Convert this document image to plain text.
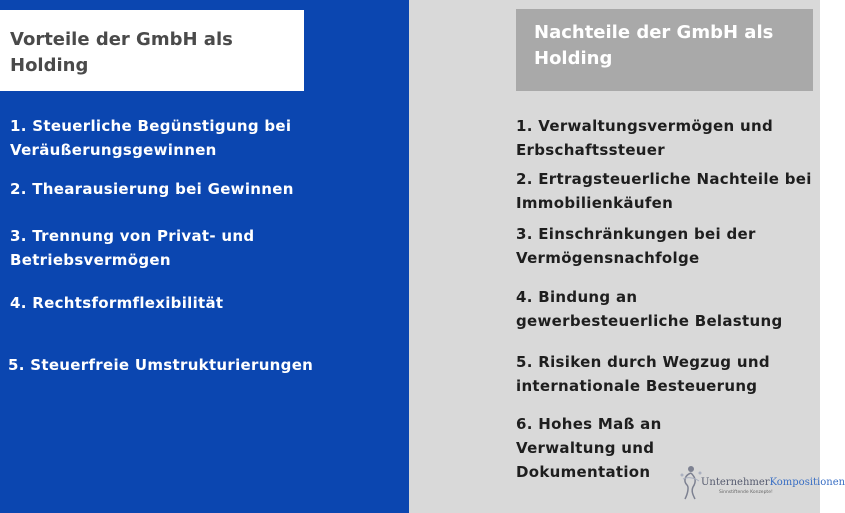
Vorteile der GmbH als Holding
1. Steuerliche Begünstigung bei Veräußerungsgewinnen
2. Thearausierung bei Gewinnen
3. Trennung von Privat- und Betriebsvermögen
4. Rechtsformflexibilität
5. Steuerfreie Umstrukturierungen
Nachteile der GmbH als Holding
1. Verwaltungsvermögen und Erbschaftssteuer
2. Ertragsteuerliche Nachteile bei Immobilienkäufen
3. Einschränkungen bei der Vermögensnachfolge
4. Bindung an gewerbesteuerliche Belastung
5. Risiken durch Wegzug und internationale Besteuerung
6. Hohes Maß an Verwaltung und Dokumentation
UnternehmerKompositionen
Sinnstiftende Konzepte!
